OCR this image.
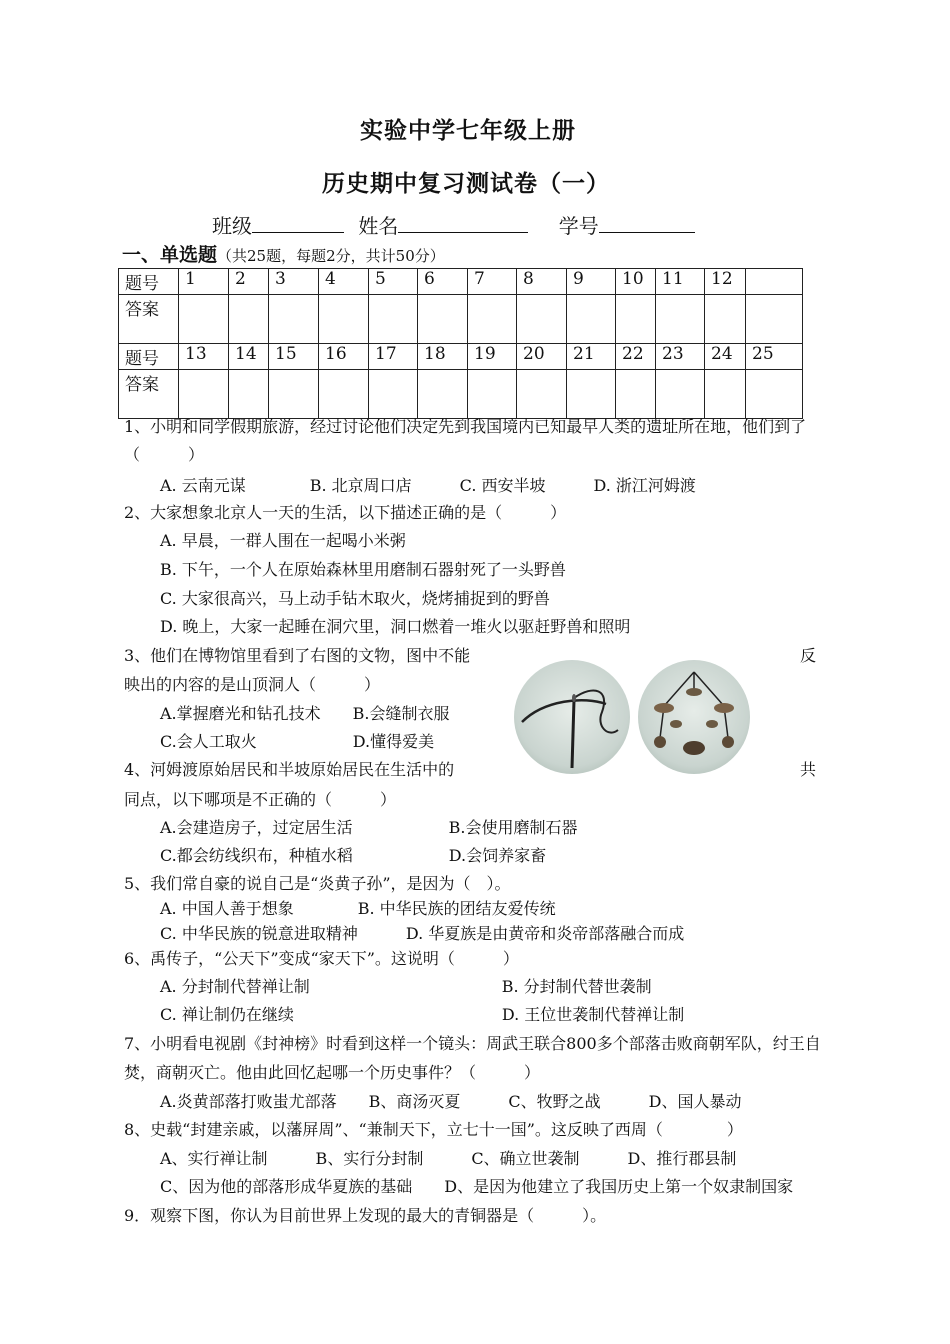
实验中学七年级上册
历史期中复习测试卷（一）
班级	姓名	学号
一、单选题（共25题，每题2分，共计50分）
题号	1	2	3	4	5	6	7	8	9	10	11	12	
答案													
题号	13	14	15	16	17	18	19	20	21	22	23	24	25
答案													
1、小明和同学假期旅游，经过讨论他们决定先到我国境内已知最早人类的遗址所在地，他们到了
（　　　）
A. 云南元谋　　　　B. 北京周口店　　　C. 西安半坡　　　D. 浙江河姆渡
2、大家想象北京人一天的生活，以下描述正确的是（　　　）
A. 早晨，一群人围在一起喝小米粥
B. 下午，一个人在原始森林里用磨制石器射死了一头野兽
C. 大家很高兴，马上动手钻木取火，烧烤捕捉到的野兽
D. 晚上，大家一起睡在洞穴里，洞口燃着一堆火以驱赶野兽和照明
3、他们在博物馆里看到了右图的文物，图中不能	反
映出的内容的是山顶洞人（　　　）
A.掌握磨光和钻孔技术　　B.会缝制衣服
C.会人工取火　　　　　　D.懂得爱美
4、河姆渡原始居民和半坡原始居民在生活中的	共
同点，以下哪项是不正确的（　　　）
A.会建造房子，过定居生活　　　　　　B.会使用磨制石器
C.都会纺线织布，种植水稻　　　　　　D.会饲养家畜
5、我们常自豪的说自己是“炎黄子孙”，是因为（　）。
A. 中国人善于想象　　　　B. 中华民族的团结友爱传统
C. 中华民族的锐意进取精神　　　D. 华夏族是由黄帝和炎帝部落融合而成
6、禹传子，“公天下”变成“家天下”。这说明（　　　）
A. 分封制代替禅让制　　　　　　　　　　　　B. 分封制代替世袭制
C. 禅让制仍在继续　　　　　　　　　　　　　D. 王位世袭制代替禅让制
7、小明看电视剧《封神榜》时看到这样一个镜头：周武王联合800多个部落击败商朝军队，纣王自
焚，商朝灭亡。他由此回忆起哪一个历史事件？（　　　）
A.炎黄部落打败蚩尤部落　　B、商汤灭夏　　　C、牧野之战　　　D、国人暴动
8、史载“封建亲戚，以藩屏周”、“兼制天下，立七十一国”。这反映了西周（　　　　）
A、实行禅让制　　　B、实行分封制　　　C、确立世袭制　　　D、推行郡县制
C、因为他的部落形成华夏族的基础　　D、是因为他建立了我国历史上第一个奴隶制国家
9．观察下图，你认为目前世界上发现的最大的青铜器是（　　　）。
